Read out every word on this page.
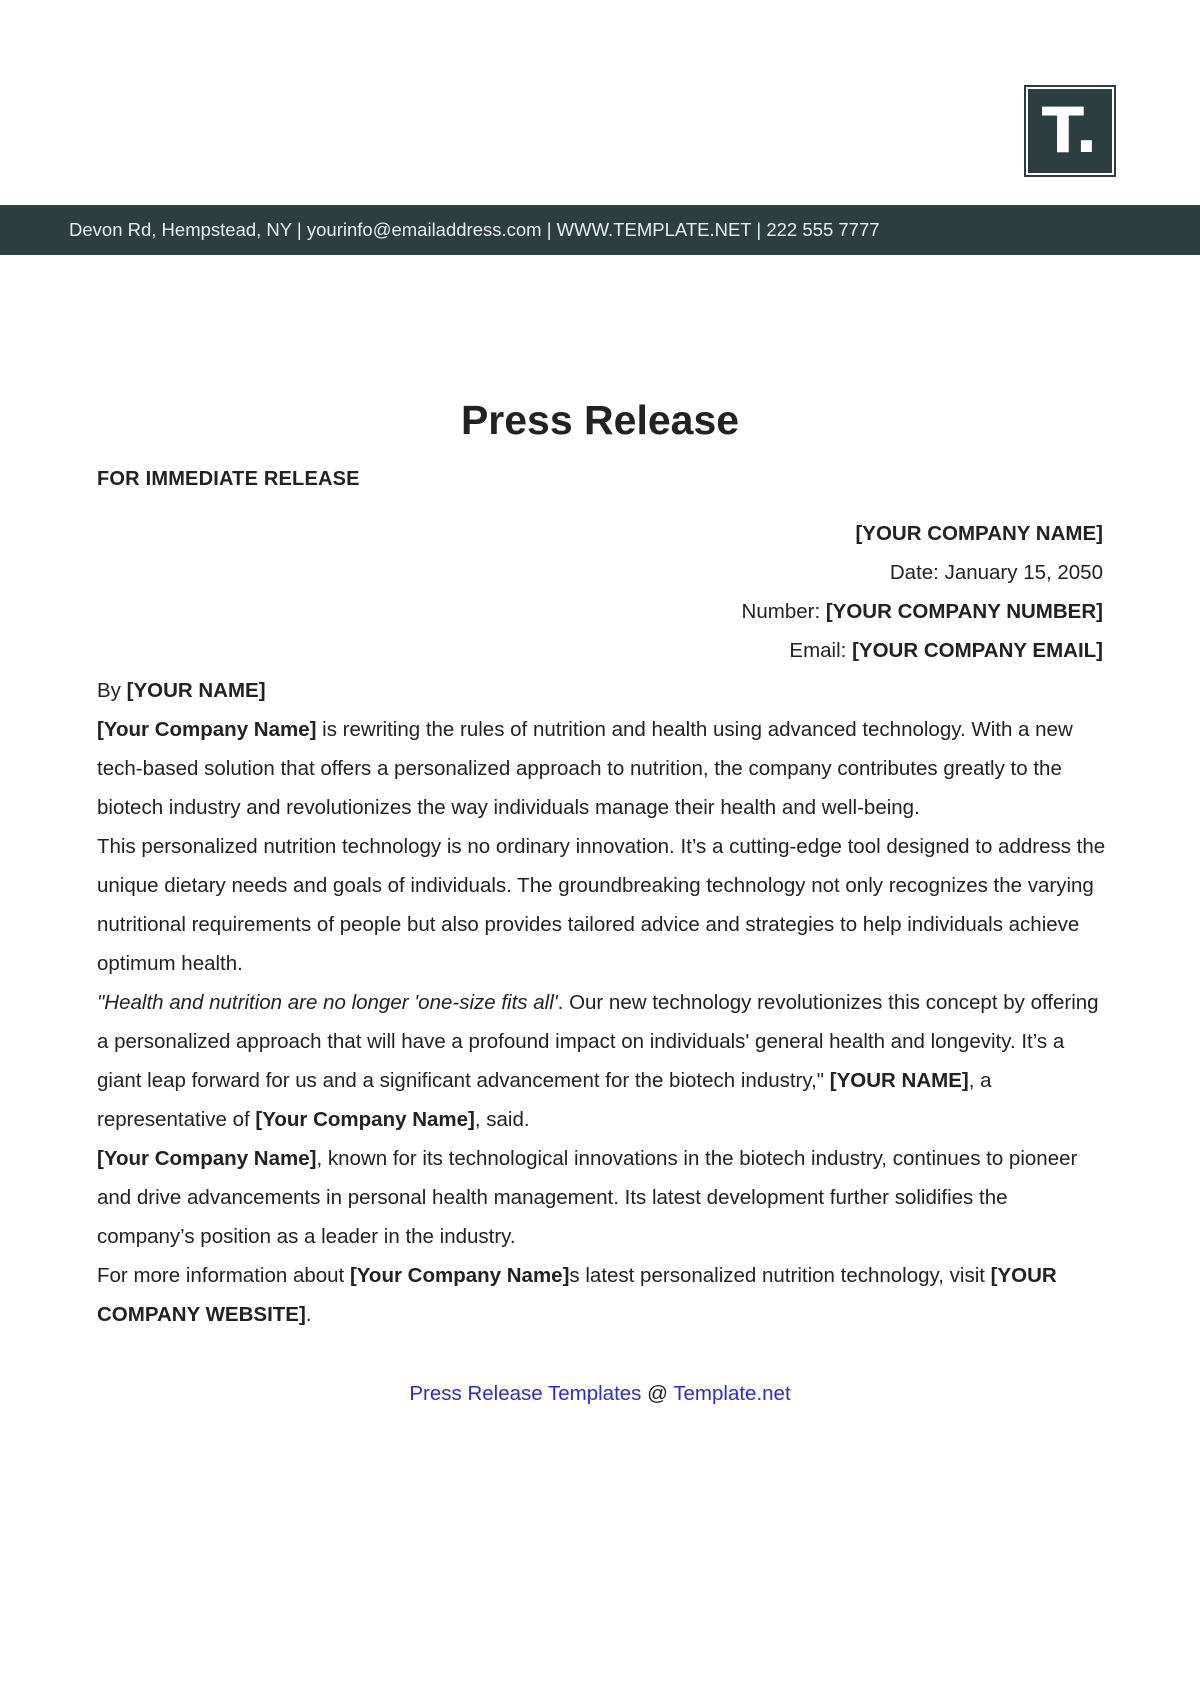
T.
Devon Rd, Hempstead, NY | yourinfo@emailaddress.com | WWW.TEMPLATE.NET | 222 555 7777
Press Release
FOR IMMEDIATE RELEASE
[YOUR COMPANY NAME]
Date: January 15, 2050
Number: [YOUR COMPANY NUMBER]
Email: [YOUR COMPANY EMAIL]

By [YOUR NAME]

[Your Company Name] is rewriting the rules of nutrition and health using advanced technology. With a new tech-based solution that offers a personalized approach to nutrition, the company contributes greatly to the biotech industry and revolutionizes the way individuals manage their health and well-being.

This personalized nutrition technology is no ordinary innovation. It’s a cutting-edge tool designed to address the unique dietary needs and goals of individuals. The groundbreaking technology not only recognizes the varying nutritional requirements of people but also provides tailored advice and strategies to help individuals achieve optimum health.

"Health and nutrition are no longer 'one-size fits all'. Our new technology revolutionizes this concept by offering a personalized approach that will have a profound impact on individuals' general health and longevity. It’s a giant leap forward for us and a significant advancement for the biotech industry," [YOUR NAME], a representative of [Your Company Name], said.

[Your Company Name], known for its technological innovations in the biotech industry, continues to pioneer and drive advancements in personal health management. Its latest development further solidifies the company’s position as a leader in the industry.

For more information about [Your Company Name]s latest personalized nutrition technology, visit [YOUR COMPANY WEBSITE].

Press Release Templates @ Template.net
